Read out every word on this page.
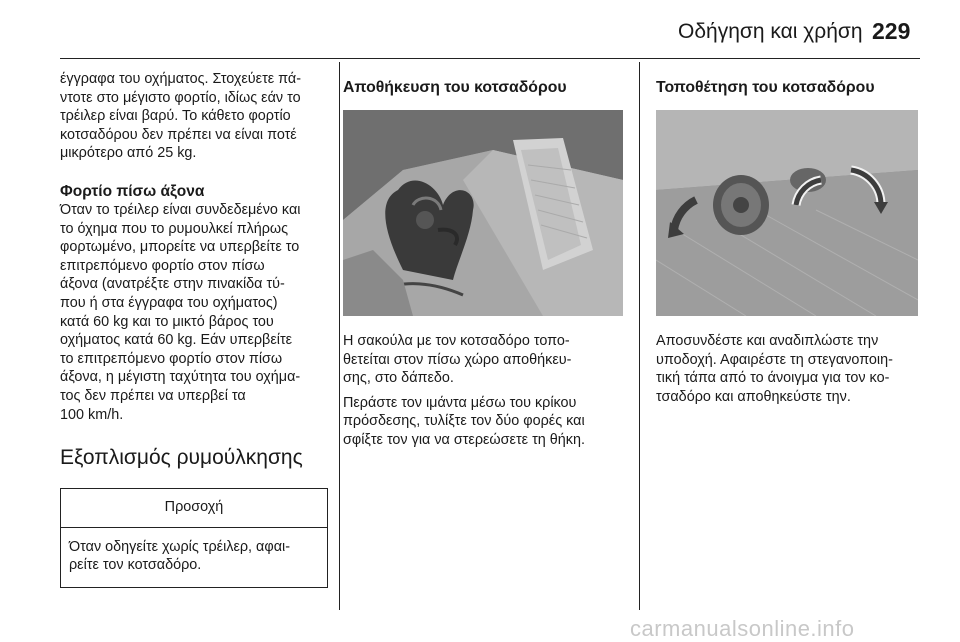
Οδήγηση και χρήση 229

έγγραφα του οχήματος. Στοχεύετε πά-
ντοτε στο μέγιστο φορτίο, ιδίως εάν το
τρέιλερ είναι βαρύ. Το κάθετο φορτίο
κοτσαδόρου δεν πρέπει να είναι ποτέ
μικρότερο από 25 kg.

Φορτίο πίσω άξονα

Όταν το τρέιλερ είναι συνδεδεμένο και
το όχημα που το ρυμουλκεί πλήρως
φορτωμένο, μπορείτε να υπερβείτε το
επιτρεπόμενο φορτίο στον πίσω
άξονα (ανατρέξτε στην πινακίδα τύ-
που ή στα έγγραφα του οχήματος)
κατά 60 kg και το μικτό βάρος του
οχήματος κατά 60 kg. Εάν υπερβείτε
το επιτρεπόμενο φορτίο στον πίσω
άξονα, η μέγιστη ταχύτητα του οχήμα-
τος δεν πρέπει να υπερβεί τα
100 km/h.

Εξοπλισμός ρυμούλκησης

Προσοχή
Όταν οδηγείτε χωρίς τρέιλερ, αφαι-
ρείτε τον κοτσαδόρο.

Αποθήκευση του κοτσαδόρου

Η σακούλα με τον κοτσαδόρο τοπο-
θετείται στον πίσω χώρο αποθήκευ-
σης, στο δάπεδο.

Περάστε τον ιμάντα μέσω του κρίκου
πρόσδεσης, τυλίξτε τον δύο φορές και
σφίξτε τον για να στερεώσετε τη θήκη.

Τοποθέτηση του κοτσαδόρου

Αποσυνδέστε και αναδιπλώστε την
υποδοχή. Αφαιρέστε τη στεγανοποιη-
τική τάπα από το άνοιγμα για τον κο-
τσαδόρο και αποθηκεύστε την.

carmanualsonline.info
